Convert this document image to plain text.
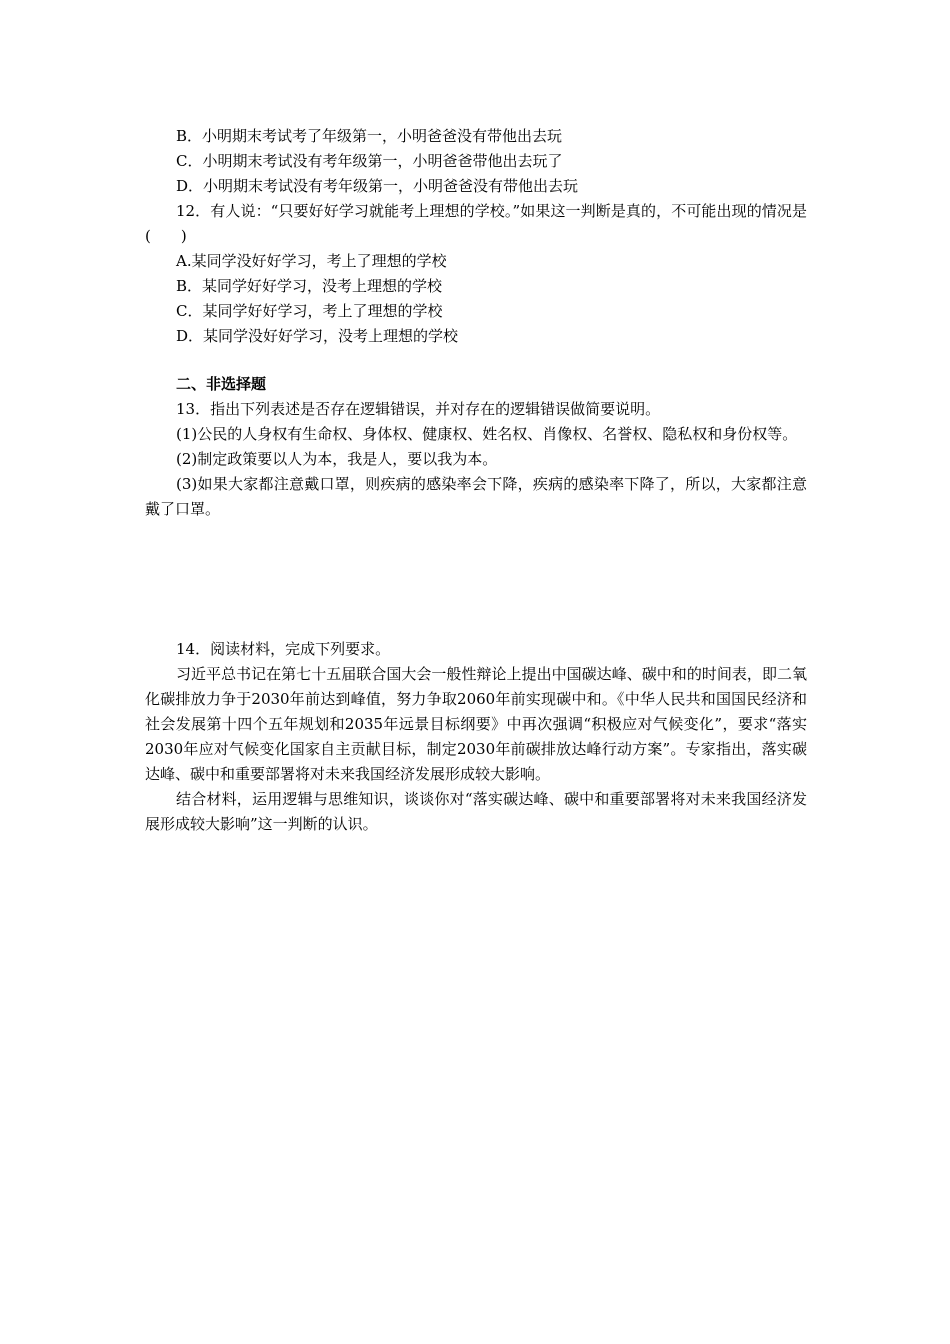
B．小明期末考试考了年级第一，小明爸爸没有带他出去玩
C．小明期末考试没有考年级第一，小明爸爸带他出去玩了
D．小明期末考试没有考年级第一，小明爸爸没有带他出去玩

12．有人说：“只要好好学习就能考上理想的学校。”如果这一判断是真的，不可能出现的情况是(　　)

A.某同学没好好学习，考上了理想的学校
B．某同学好好学习，没考上理想的学校
C．某同学好好学习，考上了理想的学校
D．某同学没好好学习，没考上理想的学校
二、非选择题

13．指出下列表述是否存在逻辑错误，并对存在的逻辑错误做简要说明。

(1)公民的人身权有生命权、身体权、健康权、姓名权、肖像权、名誉权、隐私权和身份权等。

(2)制定政策要以人为本，我是人，要以我为本。

(3)如果大家都注意戴口罩，则疾病的感染率会下降，疾病的感染率下降了，所以，大家都注意戴了口罩。

14．阅读材料，完成下列要求。

习近平总书记在第七十五届联合国大会一般性辩论上提出中国碳达峰、碳中和的时间表，即二氧化碳排放力争于2030年前达到峰值，努力争取2060年前实现碳中和。《中华人民共和国国民经济和社会发展第十四个五年规划和2035年远景目标纲要》中再次强调“积极应对气候变化”，要求“落实2030年应对气候变化国家自主贡献目标，制定2030年前碳排放达峰行动方案”。专家指出，落实碳达峰、碳中和重要部署将对未来我国经济发展形成较大影响。

结合材料，运用逻辑与思维知识，谈谈你对“落实碳达峰、碳中和重要部署将对未来我国经济发展形成较大影响”这一判断的认识。
